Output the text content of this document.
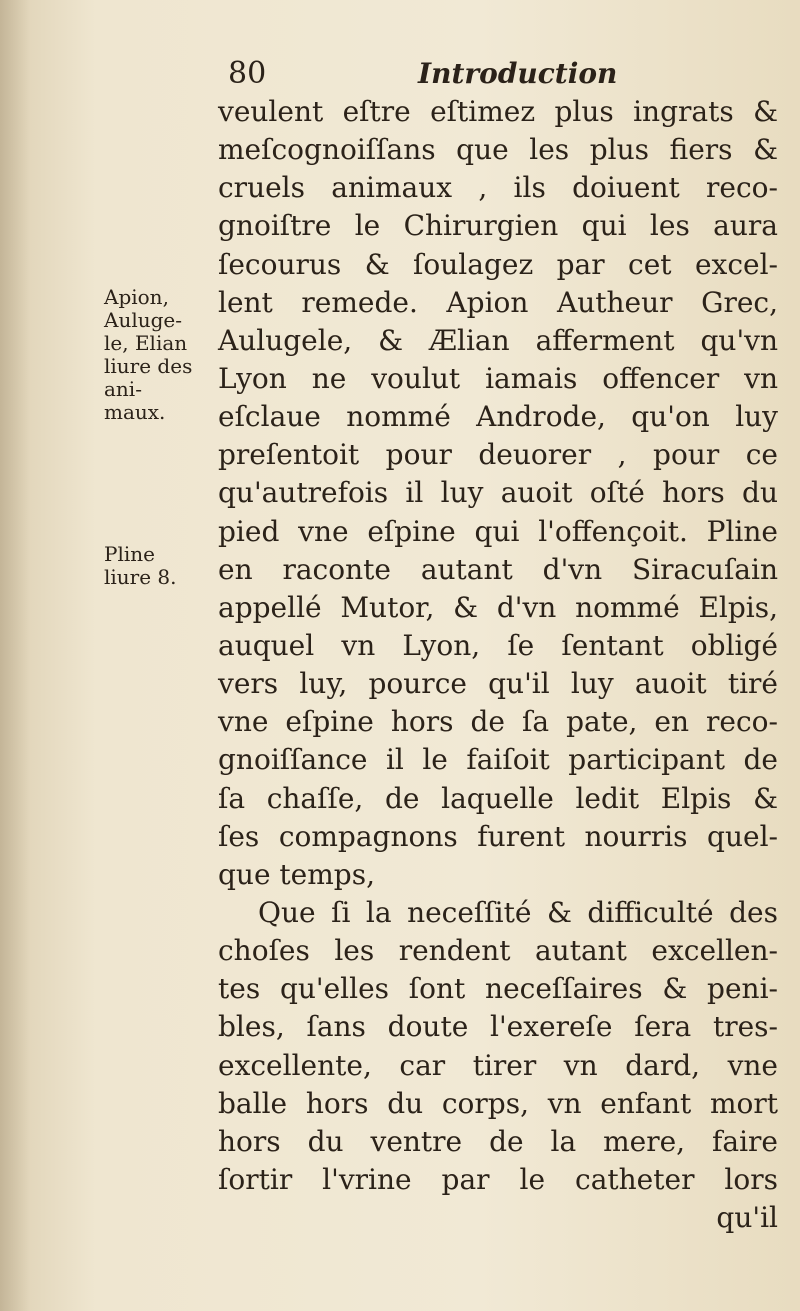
80	Introduction
veulent eſtre eſtimez plus ingrats &
meſcognoiſſans que les plus fiers &
cruels animaux , ils doiuent reco-
gnoiſtre le Chirurgien qui les aura
ſecourus & ſoulagez par cet excel-
lent remede. Apion Autheur Grec,
Aulugele, & Ælian afferment qu'vn
Lyon ne voulut iamais offencer vn
eſclaue nommé Androde, qu'on luy
preſentoit pour deuorer , pour ce
qu'autrefois il luy auoit oſté hors du
pied vne eſpine qui l'offençoit. Pline
en raconte autant d'vn Siracuſain
appellé Mutor, & d'vn nommé Elpis,
auquel vn Lyon, ſe ſentant obligé
vers luy, pource qu'il luy auoit tiré
vne eſpine hors de ſa pate, en reco-
gnoiſſance il le faiſoit participant de
ſa chaſſe, de laquelle ledit Elpis &
ſes compagnons furent nourris quel-
que temps,
Que ſi la neceſſité & difficulté des
choſes les rendent autant excellen-
tes qu'elles ſont neceſſaires & peni-
bles, ſans doute l'exereſe ſera tres-
excellente, car tirer vn dard, vne
balle hors du corps, vn enfant mort
hors du ventre de la mere, faire
ſortir l'vrine par le catheter lors
qu'il
Apion,
Auluge-
le, Elian
liure des
ani-
maux.
Pline
liure 8.
